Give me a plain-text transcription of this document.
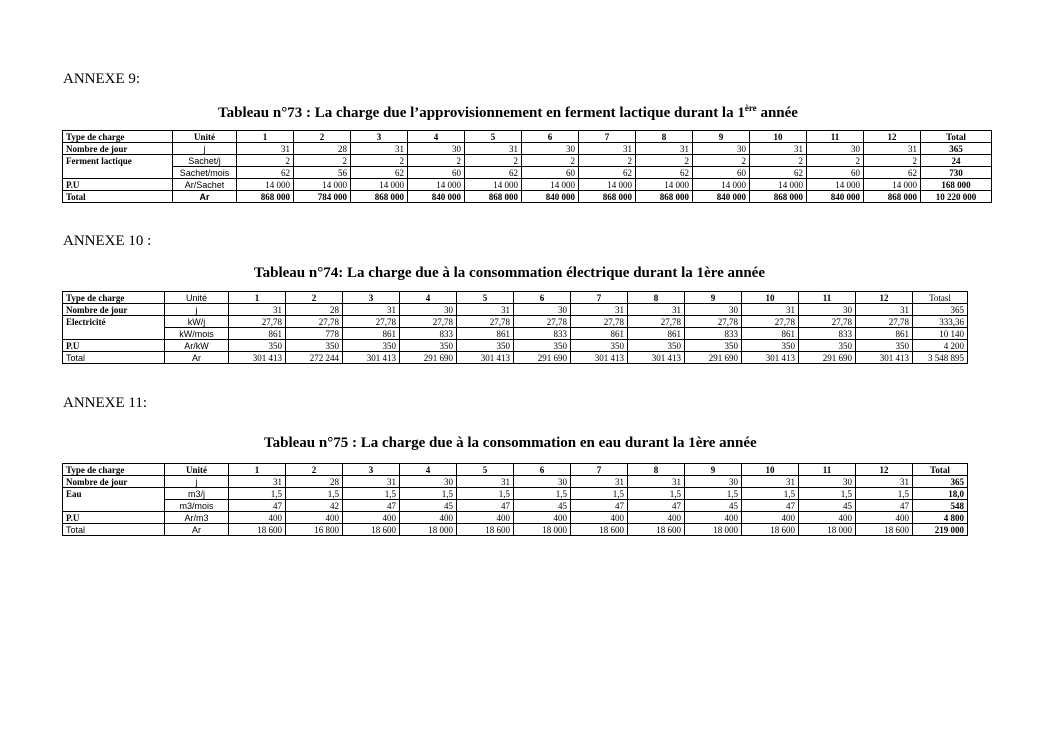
ANNEXE 9:
Tableau n°73 : La charge due l’approvisionnement en ferment lactique durant la 1ère année
Type de charge	Unité	1	2	3	4	5	6	7	8	9	10	11	12	Total
Nombre de jour	j	31	28	31	30	31	30	31	31	30	31	30	31	365
Ferment lactique	Sachet/j	2	2	2	2	2	2	2	2	2	2	2	2	24
	Sachet/mois	62	56	62	60	62	60	62	62	60	62	60	62	730
P.U	Ar/Sachet	14 000	14 000	14 000	14 000	14 000	14 000	14 000	14 000	14 000	14 000	14 000	14 000	168 000
Total	Ar	868 000	784 000	868 000	840 000	868 000	840 000	868 000	868 000	840 000	868 000	840 000	868 000	10 220 000
ANNEXE 10 :
Tableau n°74: La charge due à la consommation électrique durant la 1ère année
Type de charge	Unité	1	2	3	4	5	6	7	8	9	10	11	12	Totasl
Nombre de jour	j	31	28	31	30	31	30	31	31	30	31	30	31	365
Electricité	kW/j	27,78	27,78	27,78	27,78	27,78	27,78	27,78	27,78	27,78	27,78	27,78	27,78	333,36
	kW/mois	861	778	861	833	861	833	861	861	833	861	833	861	10 140
P.U	Ar/kW	350	350	350	350	350	350	350	350	350	350	350	350	4 200
Total	Ar	301 413	272 244	301 413	291 690	301 413	291 690	301 413	301 413	291 690	301 413	291 690	301 413	3 548 895
ANNEXE 11:
Tableau n°75 : La charge due à la consommation en eau durant la 1ère année
Type de charge	Unité	1	2	3	4	5	6	7	8	9	10	11	12	Total
Nombre de jour	j	31	28	31	30	31	30	31	31	30	31	30	31	365
Eau	m3/j	1,5	1,5	1,5	1,5	1,5	1,5	1,5	1,5	1,5	1,5	1,5	1,5	18,0
	m3/mois	47	42	47	45	47	45	47	47	45	47	45	47	548
P.U	Ar/m3	400	400	400	400	400	400	400	400	400	400	400	400	4 800
Total	Ar	18 600	16 800	18 600	18 000	18 600	18 000	18 600	18 600	18 000	18 600	18 000	18 600	219 000
